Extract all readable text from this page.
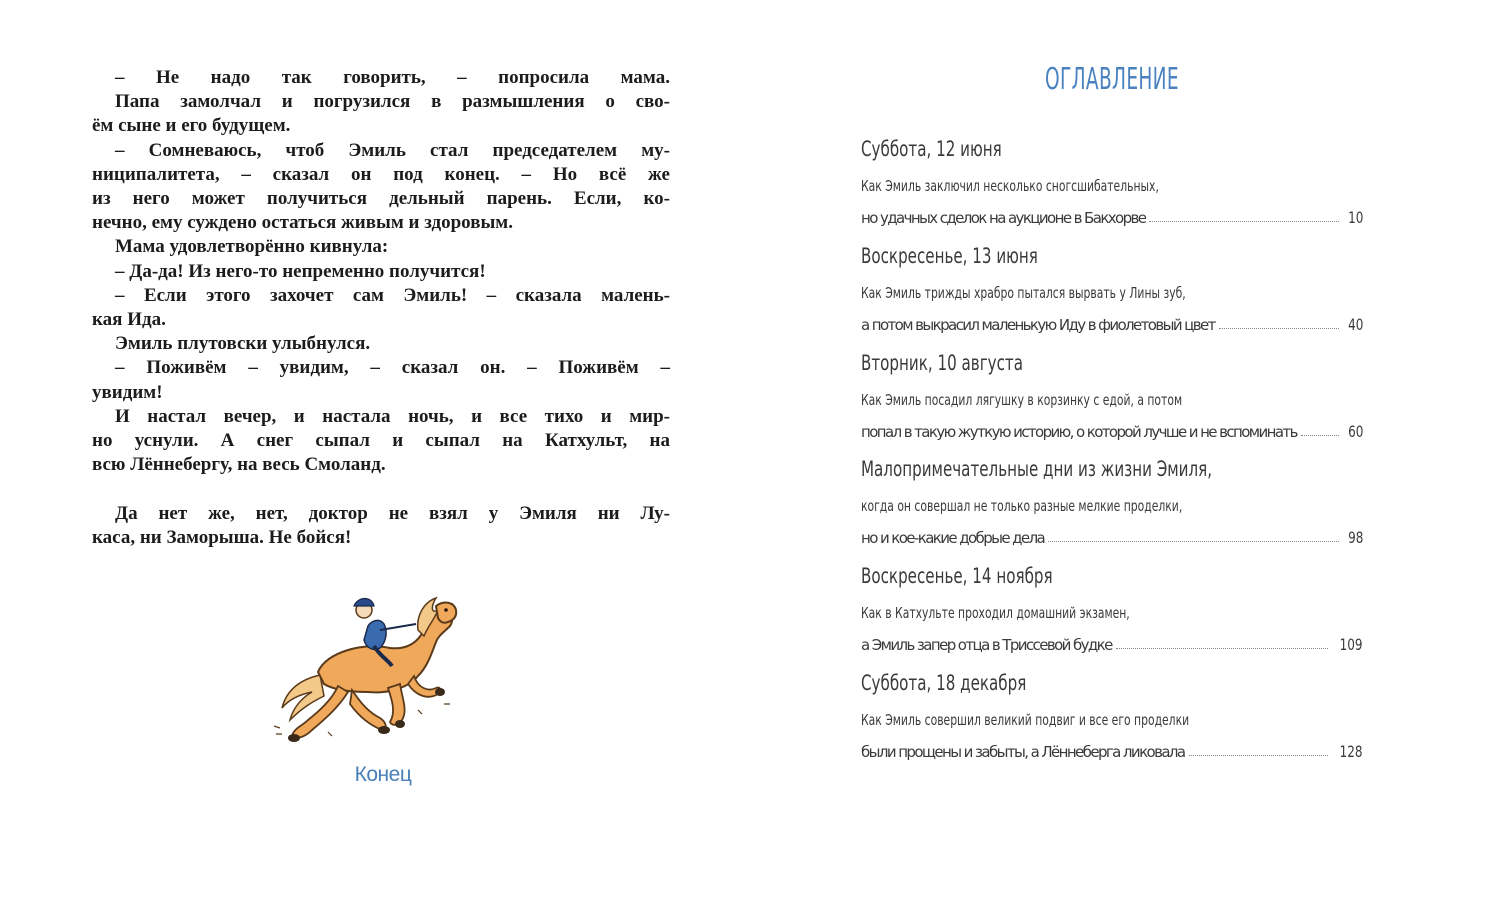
– Не надо так говорить, – попросила мама.
Папа замолчал и погрузился в размышления о сво-
ём сыне и его будущем.
– Сомневаюсь, чтоб Эмиль стал председателем му-
ниципалитета, – сказал он под конец. – Но всё же
из него может получиться дельный парень. Если, ко-
нечно, ему суждено остаться живым и здоровым.
Мама удовлетворённо кивнула:
– Да-да! Из него-то непременно получится!
– Если этого захочет сам Эмиль! – сказала малень-
кая Ида.
Эмиль плутовски улыбнулся.
– Поживём – увидим, – сказал он. – Поживём –
увидим!
И настал вечер, и настала ночь, и все тихо и мир-
но уснули. А снег сыпал и сыпал на Катхульт, на
всю Лённебергу, на весь Смоланд.
Да нет же, нет, доктор не взял у Эмиля ни Лу-
каса, ни Заморыша. Не бойся!
Конец
ОГЛАВЛЕНИЕ
Суббота, 12 июня
Как Эмиль заключил несколько сногсшибательных,
но удачных сделок на аукционе в Бакхорве	10
Воскресенье, 13 июня
Как Эмиль трижды храбро пытался вырвать у Лины зуб,
а потом выкрасил маленькую Иду в фиолетовый цвет	40
Вторник, 10 августа
Как Эмиль посадил лягушку в корзинку с едой, а потом
попал в такую жуткую историю, о которой лучше и не вспоминать	60
Малопримечательные дни из жизни Эмиля,
когда он совершал не только разные мелкие проделки,
но и кое-какие добрые дела	98
Воскресенье, 14 ноября
Как в Катхульте проходил домашний экзамен,
а Эмиль запер отца в Триссевой будке	109
Суббота, 18 декабря
Как Эмиль совершил великий подвиг и все его проделки
были прощены и забыты, а Лённеберга ликовала	128
